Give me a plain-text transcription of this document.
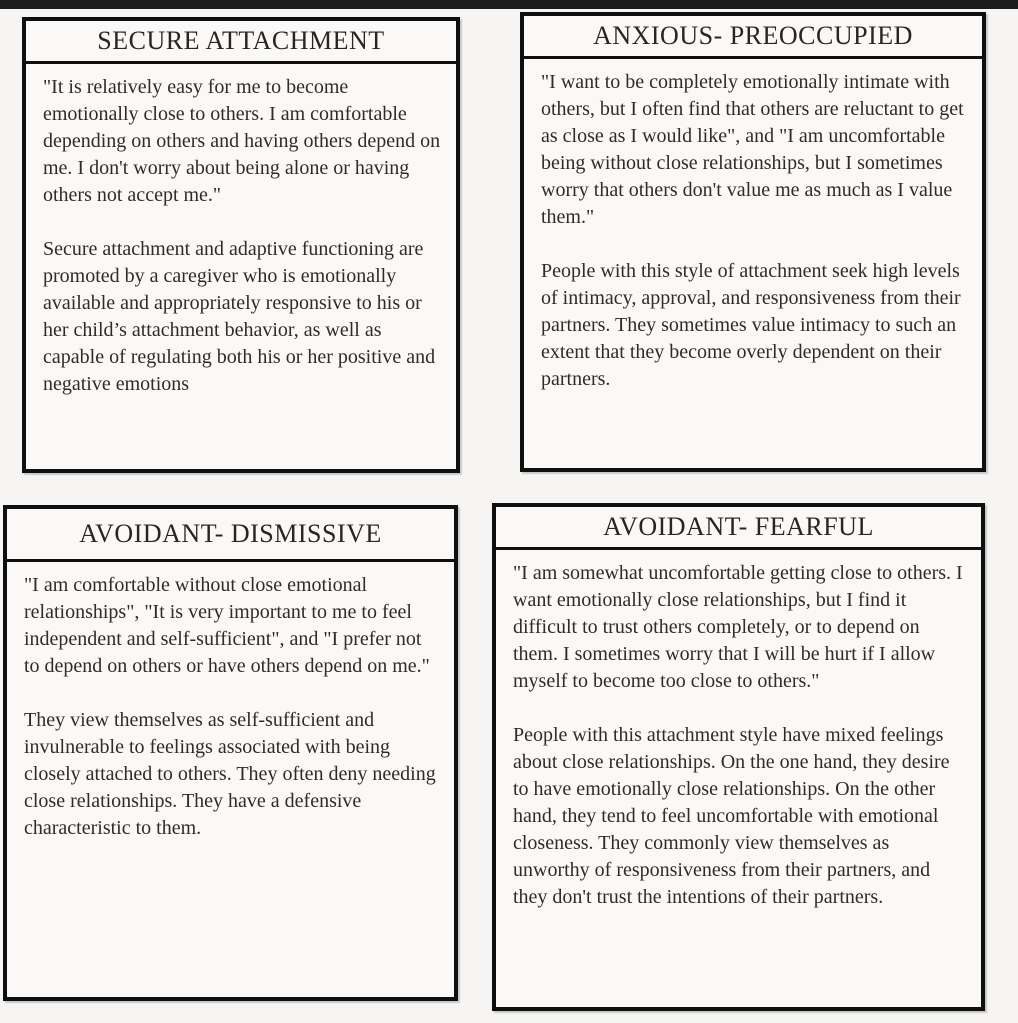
SECURE ATTACHMENT

"It is relatively easy for me to become emotionally close to others. I am comfortable depending on others and having others depend on me. I don't worry about being alone or having others not accept me."

Secure attachment and adaptive functioning are promoted by a caregiver who is emotionally available and appropriately responsive to his or her child’s attachment behavior, as well as capable of regulating both his or her positive and negative emotions

ANXIOUS- PREOCCUPIED

"I want to be completely emotionally intimate with others, but I often find that others are reluctant to get as close as I would like", and "I am uncomfortable being without close relationships, but I sometimes worry that others don't value me as much as I value them."

People with this style of attachment seek high levels of intimacy, approval, and responsiveness from their partners. They sometimes value intimacy to such an extent that they become overly dependent on their partners.

AVOIDANT- DISMISSIVE

"I am comfortable without close emotional relationships", "It is very important to me to feel independent and self-sufficient", and "I prefer not to depend on others or have others depend on me."

They view themselves as self-sufficient and invulnerable to feelings associated with being closely attached to others. They often deny needing close relationships. They have a defensive characteristic to them.

AVOIDANT- FEARFUL

"I am somewhat uncomfortable getting close to others. I want emotionally close relationships, but I find it difficult to trust others completely, or to depend on them. I sometimes worry that I will be hurt if I allow myself to become too close to others."

People with this attachment style have mixed feelings about close relationships. On the one hand, they desire to have emotionally close relationships. On the other hand, they tend to feel uncomfortable with emotional closeness. They commonly view themselves as unworthy of responsiveness from their partners, and they don't trust the intentions of their partners.
